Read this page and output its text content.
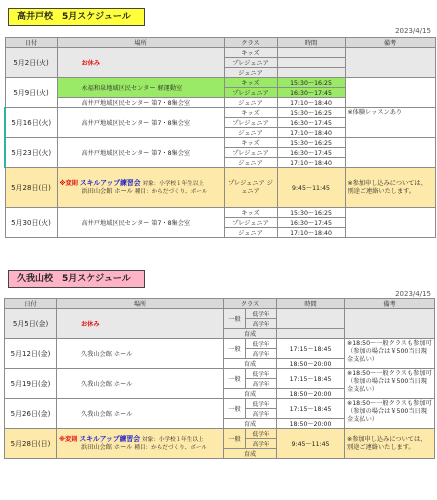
高井戸校　5月スケジュール
2023/4/15
日付	場所	クラス	時間	備考
5月2日(火)	お休み	キッズ		
		プレジュニア		
		ジュニア		
5月9日(火)	永福和泉地域区民センター 軽運動室	キッズ	15:30〜16:25	
		プレジュニア	16:30〜17:45	
	高井戸地域区民センター 第7・8集会室	ジュニア	17:10〜18:40	
5月16日(火)	高井戸地域区民センター 第7・8集会室	キッズ	15:30〜16:25	※体験レッスンあり
		プレジュニア	16:30〜17:45	
		ジュニア	17:10〜18:40	
5月23日(火)	高井戸地域区民センター 第7・8集会室	キッズ	15:30〜16:25	
		プレジュニア	16:30〜17:45	
		ジュニア	17:10〜18:40	
5月28日(日)	※変則 スキルアップ練習会 対象：小学校１年生以上
浜田山会館 ホール 種目：からだづくり、ボール	プレジュニア ジュニア	9:45〜11:45	※参加申し込みについては、別途ご連絡いたします。
5月30日(火)	高井戸地域区民センター 第7・8集会室	キッズ	15:30〜16:25	
		プレジュニア	16:30〜17:45	
		ジュニア	17:10〜18:40	
久我山校　5月スケジュール
2023/4/15
日付	場所	クラス		時間	備考
5月5日(金)	お休み	一般	低学年		
			高学年		
		育成			
5月12日(金)	久我山会館 ホール	一般	低学年	17:15〜18:45	※18:50〜一般クラスも参加可（参加の場合は￥500当日現金支払い）
			高学年		
		育成		18:50〜20:00	
5月19日(金)	久我山会館 ホール	一般	低学年	17:15〜18:45	※18:50〜一般クラスも参加可（参加の場合は￥500当日現金支払い）
			高学年		
		育成		18:50〜20:00	
5月26日(金)	久我山会館 ホール	一般	低学年	17:15〜18:45	※18:50〜一般クラスも参加可（参加の場合は￥500当日現金支払い）
			高学年		
		育成		18:50〜20:00	
5月28日(日)	※変則 スキルアップ練習会 対象：小学校１年生以上
浜田山会館 ホール 種目：からだづくり、ボール	一般	低学年	9:45〜11:45	※参加申し込みについては、別途ご連絡いたします。
			高学年		
		育成			
